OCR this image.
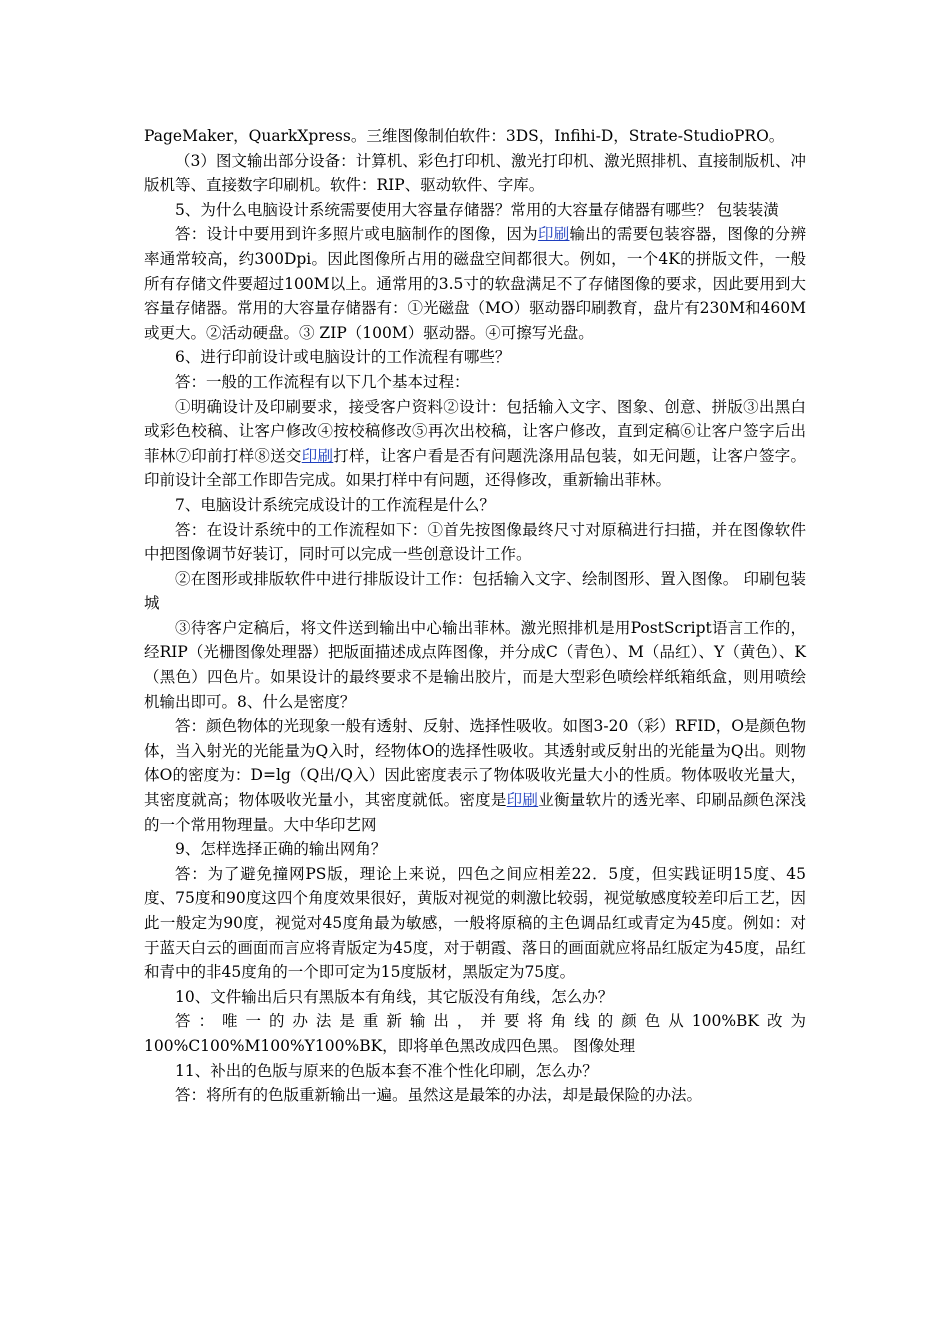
PageMaker，QuarkXpress。三维图像制伯软件：3DS，Infihi-D，Strate-StudioPRO。

（3）图文输出部分设备：计算机、彩色打印机、激光打印机、激光照排机、直接制版机、冲版机等、直接数字印刷机。软件：RIP、驱动软件、字库。

5、为什么电脑设计系统需要使用大容量存储器？常用的大容量存储器有哪些？ 包装装潢

答：设计中要用到许多照片或电脑制作的图像，因为印刷输出的需要包装容器，图像的分辨率通常较高，约300Dpi。因此图像所占用的磁盘空间都很大。例如，一个4K的拼版文件，一般所有存储文件要超过100M以上。通常用的3.5寸的软盘满足不了存储图像的要求，因此要用到大容量存储器。常用的大容量存储器有：①光磁盘（MO）驱动器印刷教育，盘片有230M和460M或更大。②活动硬盘。③ ZIP（100M）驱动器。④可擦写光盘。

6、进行印前设计或电脑设计的工作流程有哪些？

答：一般的工作流程有以下几个基本过程：

①明确设计及印刷要求，接受客户资料②设计：包括输入文字、图象、创意、拼版③出黑白或彩色校稿、让客户修改④按校稿修改⑤再次出校稿，让客户修改，直到定稿⑥让客户签字后出菲林⑦印前打样⑧送交印刷打样，让客户看是否有问题洗涤用品包装，如无问题，让客户签字。印前设计全部工作即告完成。如果打样中有问题，还得修改，重新输出菲林。

7、电脑设计系统完成设计的工作流程是什么？

答：在设计系统中的工作流程如下：①首先按图像最终尺寸对原稿进行扫描，并在图像软件中把图像调节好装订，同时可以完成一些创意设计工作。

②在图形或排版软件中进行排版设计工作：包括输入文字、绘制图形、置入图像。 印刷包装城

③待客户定稿后，将文件送到输出中心输出菲林。激光照排机是用PostScript语言工作的，经RIP（光栅图像处理器）把版面描述成点阵图像，并分成C（青色）、M（品红）、Y（黄色）、K（黑色）四色片。如果设计的最终要求不是输出胶片，而是大型彩色喷绘样纸箱纸盒，则用喷绘机输出即可。8、什么是密度？

答：颜色物体的光现象一般有透射、反射、选择性吸收。如图3-20（彩）RFID，O是颜色物体，当入射光的光能量为Q入时，经物体O的选择性吸收。其透射或反射出的光能量为Q出。则物体O的密度为：D=lg（Q出/Q入）因此密度表示了物体吸收光量大小的性质。物体吸收光量大，其密度就高；物体吸收光量小，其密度就低。密度是印刷业衡量软片的透光率、印刷品颜色深浅的一个常用物理量。大中华印艺网

9、怎样选择正确的输出网角？

答：为了避免撞网PS版，理论上来说，四色之间应相差22．5度，但实践证明15度、45度、75度和90度这四个角度效果很好，黄版对视觉的刺激比较弱，视觉敏感度较差印后工艺，因此一般定为90度，视觉对45度角最为敏感，一般将原稿的主色调品红或青定为45度。例如：对于蓝天白云的画面而言应将青版定为45度，对于朝霞、落日的画面就应将品红版定为45度，品红和青中的非45度角的一个即可定为15度版材，黑版定为75度。

10、文件输出后只有黑版本有角线，其它版没有角线，怎么办？

答：唯一的办法是重新输出，并要将角线的颜色从100%BK改为100%C100%M100%Y100%BK，即将单色黑改成四色黑。 图像处理

11、补出的色版与原来的色版本套不准个性化印刷，怎么办？

答：将所有的色版重新输出一遍。虽然这是最笨的办法，却是最保险的办法。
